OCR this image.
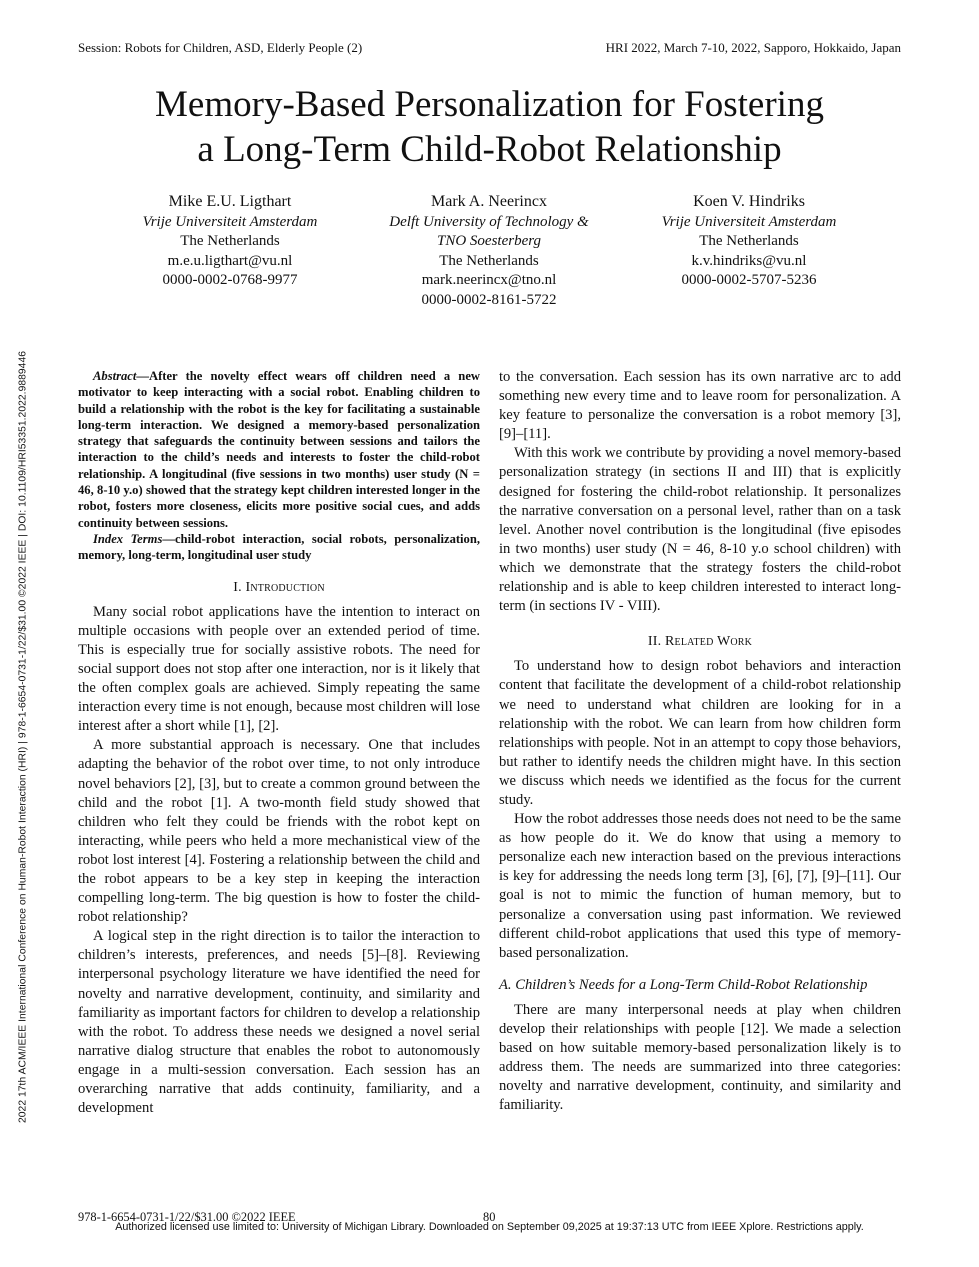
Session: Robots for Children, ASD, Elderly People (2)	HRI 2022, March 7-10, 2022, Sapporo, Hokkaido, Japan
2022 17th ACM/IEEE International Conference on Human-Robot Interaction (HRI) | 978-1-6654-0731-1/22/$31.00 ©2022 IEEE | DOI: 10.1109/HRI53351.2022.9889446
Memory-Based Personalization for Fostering
a Long-Term Child-Robot Relationship
Mike E.U. Ligthart
Vrije Universiteit Amsterdam
The Netherlands
m.e.u.ligthart@vu.nl
0000-0002-0768-9977
Mark A. Neerincx
Delft University of Technology &
TNO Soesterberg
The Netherlands
mark.neerincx@tno.nl
0000-0002-8161-5722
Koen V. Hindriks
Vrije Universiteit Amsterdam
The Netherlands
k.v.hindriks@vu.nl
0000-0002-5707-5236

Abstract—After the novelty effect wears off children need a new motivator to keep interacting with a social robot. Enabling children to build a relationship with the robot is the key for facilitating a sustainable long-term interaction. We designed a memory-based personalization strategy that safeguards the continuity between sessions and tailors the interaction to the child’s needs and interests to foster the child-robot relationship. A longitudinal (five sessions in two months) user study (N = 46, 8-10 y.o) showed that the strategy kept children interested longer in the robot, fosters more closeness, elicits more positive social cues, and adds continuity between sessions.

Index Terms—child-robot interaction, social robots, personalization, memory, long-term, longitudinal user study

I. Introduction

Many social robot applications have the intention to interact on multiple occasions with people over an extended period of time. This is especially true for socially assistive robots. The need for social support does not stop after one interaction, nor is it likely that the often complex goals are achieved. Simply repeating the same interaction every time is not enough, because most children will lose interest after a short while [1], [2].

A more substantial approach is necessary. One that includes adapting the behavior of the robot over time, to not only introduce novel behaviors [2], [3], but to create a common ground between the child and the robot [1]. A two-month field study showed that children who felt they could be friends with the robot kept on interacting, while peers who held a more mechanistical view of the robot lost interest [4]. Fostering a relationship between the child and the robot appears to be a key step in keeping the interaction compelling long-term. The big question is how to foster the child-robot relationship?

A logical step in the right direction is to tailor the interaction to children’s interests, preferences, and needs [5]–[8]. Reviewing interpersonal psychology literature we have identified the need for novelty and narrative development, continuity, and similarity and familiarity as important factors for children to develop a relationship with the robot. To address these needs we designed a novel serial narrative dialog structure that enables the robot to autonomously engage in a multi-session conversation. Each session has an overarching narrative that adds continuity, familiarity, and a development

to the conversation. Each session has its own narrative arc to add something new every time and to leave room for personalization. A key feature to personalize the conversation is a robot memory [3], [9]–[11].

With this work we contribute by providing a novel memory-based personalization strategy (in sections II and III) that is explicitly designed for fostering the child-robot relationship. It personalizes the narrative conversation on a personal level, rather than on a task level. Another novel contribution is the longitudinal (five episodes in two months) user study (N = 46, 8-10 y.o school children) with which we demonstrate that the strategy fosters the child-robot relationship and is able to keep children interested to interact long-term (in sections IV - VIII).

II. Related Work

To understand how to design robot behaviors and interaction content that facilitate the development of a child-robot relationship we need to understand what children are looking for in a relationship with the robot. We can learn from how children form relationships with people. Not in an attempt to copy those behaviors, but rather to identify needs the children might have. In this section we discuss which needs we identified as the focus for the current study.

How the robot addresses those needs does not need to be the same as how people do it. We do know that using a memory to personalize each new interaction based on the previous interactions is key for addressing the needs long term [3], [6], [7], [9]–[11]. Our goal is not to mimic the function of human memory, but to personalize a conversation using past information. We reviewed different child-robot applications that used this type of memory-based personalization.

A. Children’s Needs for a Long-Term Child-Robot Relationship

There are many interpersonal needs at play when children develop their relationships with people [12]. We made a selection based on how suitable memory-based personalization likely is to address them. The needs are summarized into three categories: novelty and narrative development, continuity, and similarity and familiarity.

978-1-6654-0731-1/22/$31.00 ©2022 IEEE	80
Authorized licensed use limited to: University of Michigan Library. Downloaded on September 09,2025 at 19:37:13 UTC from IEEE Xplore. Restrictions apply.
